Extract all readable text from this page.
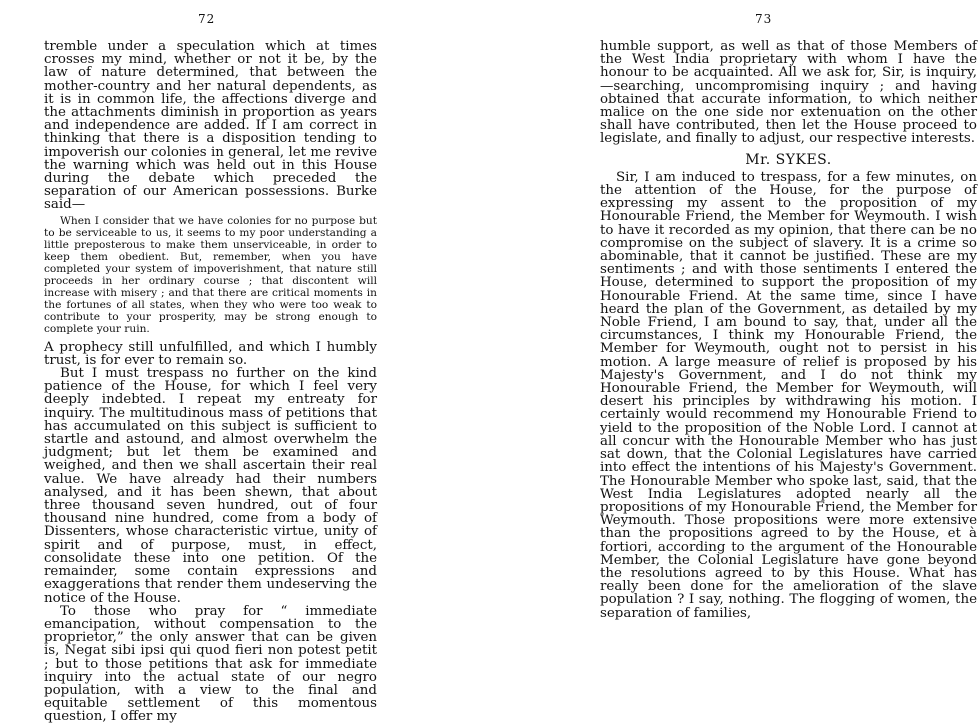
72

tremble under a speculation which at times crosses my mind, whether or not it be, by the law of nature determined, that between the mother-country and her natural dependents, as it is in common life, the affections diverge and the attachments diminish in proportion as years and independence are added. If I am correct in thinking that there is a disposition tending to impoverish our colonies in general, let me revive the warning which was held out in this House during the debate which preceded the separation of our American possessions. Burke said—

When I consider that we have colonies for no purpose but to be serviceable to us, it seems to my poor understanding a little preposterous to make them unserviceable, in order to keep them obedient. But, remember, when you have completed your system of impoverishment, that nature still proceeds in her ordinary course ; that discontent will increase with misery ; and that there are critical moments in the fortunes of all states, when they who were too weak to contribute to your prosperity, may be strong enough to complete your ruin.

A prophecy still unfulfilled, and which I humbly trust, is for ever to remain so.

But I must trespass no further on the kind patience of the House, for which I feel very deeply indebted. I repeat my entreaty for inquiry. The multitudinous mass of petitions that has accumulated on this subject is sufficient to startle and astound, and almost overwhelm the judgment; but let them be examined and weighed, and then we shall ascertain their real value. We have already had their numbers analysed, and it has been shewn, that about three thousand seven hundred, out of four thousand nine hundred, come from a body of Dissenters, whose characteristic virtue, unity of spirit and of purpose, must, in effect, consolidate these into one petition. Of the remainder, some contain expressions and exaggerations that render them undeserving the notice of the House.

To those who pray for “ immediate emancipation, without compensation to the proprietor,” the only answer that can be given is, Negat sibi ipsi qui quod fieri non potest petit ; but to those petitions that ask for immediate inquiry into the actual state of our negro population, with a view to the final and equitable settlement of this momentous question, I offer my

73

humble support, as well as that of those Members of the West India proprietary with whom I have the honour to be acquainted. All we ask for, Sir, is inquiry,—searching, uncompromising inquiry ; and having obtained that accurate information, to which neither malice on the one side nor extenuation on the other shall have contributed, then let the House proceed to legislate, and finally to adjust, our respective interests.

Mr. SYKES.

Sir, I am induced to trespass, for a few minutes, on the attention of the House, for the purpose of expressing my assent to the proposition of my Honourable Friend, the Member for Weymouth. I wish to have it recorded as my opinion, that there can be no compromise on the subject of slavery. It is a crime so abominable, that it cannot be justified. These are my sentiments ; and with those sentiments I entered the House, determined to support the proposition of my Honourable Friend. At the same time, since I have heard the plan of the Government, as detailed by my Noble Friend, I am bound to say, that, under all the circumstances, I think my Honourable Friend, the Member for Weymouth, ought not to persist in his motion. A large measure of relief is proposed by his Majesty's Government, and I do not think my Honourable Friend, the Member for Weymouth, will desert his principles by withdrawing his motion. I certainly would recommend my Honourable Friend to yield to the proposition of the Noble Lord. I cannot at all concur with the Honourable Member who has just sat down, that the Colonial Legislatures have carried into effect the intentions of his Majesty's Government. The Honourable Member who spoke last, said, that the West India Legislatures adopted nearly all the propositions of my Honourable Friend, the Member for Weymouth. Those propositions were more extensive than the propositions agreed to by the House, et à fortiori, according to the argument of the Honourable Member, the Colonial Legislature have gone beyond the resolutions agreed to by this House. What has really been done for the amelioration of the slave population ? I say, nothing. The flogging of women, the separation of families,
